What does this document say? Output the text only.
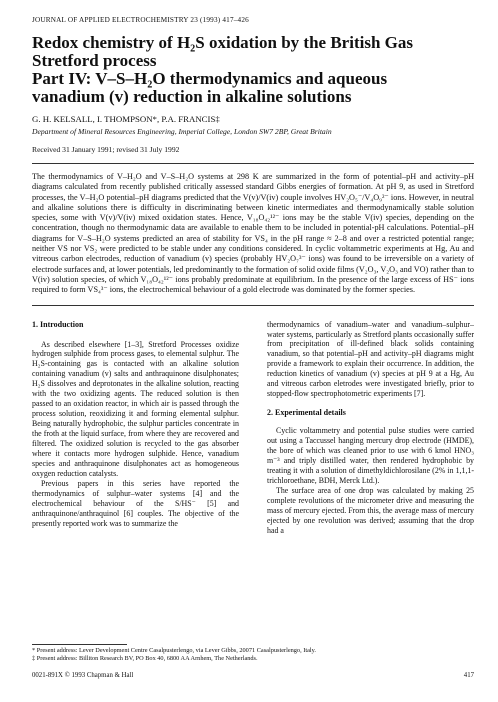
JOURNAL OF APPLIED ELECTROCHEMISTRY 23 (1993) 417–426
Redox chemistry of H₂S oxidation by the British Gas
Stretford process
Part IV: V–S–H₂O thermodynamics and aqueous
vanadium (v) reduction in alkaline solutions
G. H. KELSALL, I. THOMPSON*, P.A. FRANCIS‡
Department of Mineral Resources Engineering, Imperial College, London SW7 2BP, Great Britain
Received 31 January 1991; revised 31 July 1992
The thermodynamics of V–H₂O and V–S–H₂O systems at 298 K are summarized in the form of potential–pH and activity–pH diagrams calculated from recently published critically assessed standard Gibbs energies of formation. At pH 9, as used in Stretford processes, the V–H₂O potential–pH diagrams predicted that the V(v)/V(iv) couple involves HV₂O₅⁻/V₄O₉²⁻ ions. However, in neutral and alkaline solutions there is difficulty in discriminating between kinetic intermediates and thermodynamically stable solution species, some with V(v)/V(iv) mixed oxidation states. Hence, V₁₈O₄₂¹²⁻ ions may be the stable V(iv) species, depending on the concentration, though no thermodynamic data are available to enable them to be included in potential-pH calculations. Potential–pH diagrams for V–S–H₂O systems predicted an area of stability for VS₄ in the pH range ≈ 2–8 and over a restricted potential range; neither VS nor VS₂ were predicted to be stable under any conditions considered. In cyclic voltammetric experiments at Hg, Au and vitreous carbon electrodes, reduction of vanadium (v) species (probably HV₂O₇³⁻ ions) was found to be irreversible on a variety of electrode surfaces and, at lower potentials, led predominantly to the formation of solid oxide films (V₂O₃, V₂O₃ and VO) rather than to V(iv) solution species, of which V₁₈O₄₂¹²⁻ ions probably predominate at equilibrium. In the presence of the large excess of HS⁻ ions required to form VS₄³⁻ ions, the electrochemical behaviour of a gold electrode was dominated by the former species.
1. Introduction

As described elsewhere [1–3], Stretford Processes oxidize hydrogen sulphide from process gases, to elemental sulphur. The H₂S-containing gas is contacted with an alkaline solution containing vanadium (v) salts and anthraquinone disulphonates; H₂S dissolves and deprotonates in the alkaline solution, reacting with the two oxidizing agents. The reduced solution is then passed to an oxidation reactor, in which air is passed through the process solution, reoxidizing it and forming elemental sulphur. Being naturally hydrophobic, the sulphur particles concentrate in the froth at the liquid surface, from where they are recovered and filtered. The oxidized solution is recycled to the gas absorber where it contacts more hydrogen sulphide. Hence, vanadium species and anthraquinone disulphonates act as homogeneous oxygen reduction catalysts.

Previous papers in this series have reported the thermodynamics of sulphur–water systems [4] and the electrochemical behaviour of the S/HS⁻ [5] and anthraquinone/anthraquinol [6] couples. The objective of the presently reported work was to summarize the

thermodynamics of vanadium–water and vanadium–sulphur–water systems, particularly as Stretford plants occasionally suffer from precipitation of ill-defined black solids containing vanadium, so that potential–pH and activity–pH diagrams might provide a framework to explain their occurrence. In addition, the reduction kinetics of vanadium (v) species at pH 9 at a Hg, Au and vitreous carbon eletrodes were investigated briefly, prior to stopped-flow spectrophotometric experiments [7].

2. Experimental details

Cyclic voltammetry and potential pulse studies were carried out using a Taccussel hanging mercury drop electrode (HMDE), the bore of which was cleaned prior to use with 6 kmol HNO₃ m⁻³ and triply distilled water, then rendered hydrophobic by treating it with a solution of dimethyldichlorosilane (2% in 1,1,1-trichloroethane, BDH, Merck Ltd.).

The surface area of one drop was calculated by making 25 complete revolutions of the micrometer drive and measuring the mass of mercury ejected. From this, the average mass of mercury ejected by one revolution was derived; assuming that the drop had a

* Present address: Lever Development Centre Casalpusterlengo, via Lever Gibbs, 20071 Casalpusterlengo, Italy.
‡ Present address: Billiton Research BV, PO Box 40, 6800 AA Arnhem, The Netherlands.
0021-891X © 1993 Chapman & Hall	417
